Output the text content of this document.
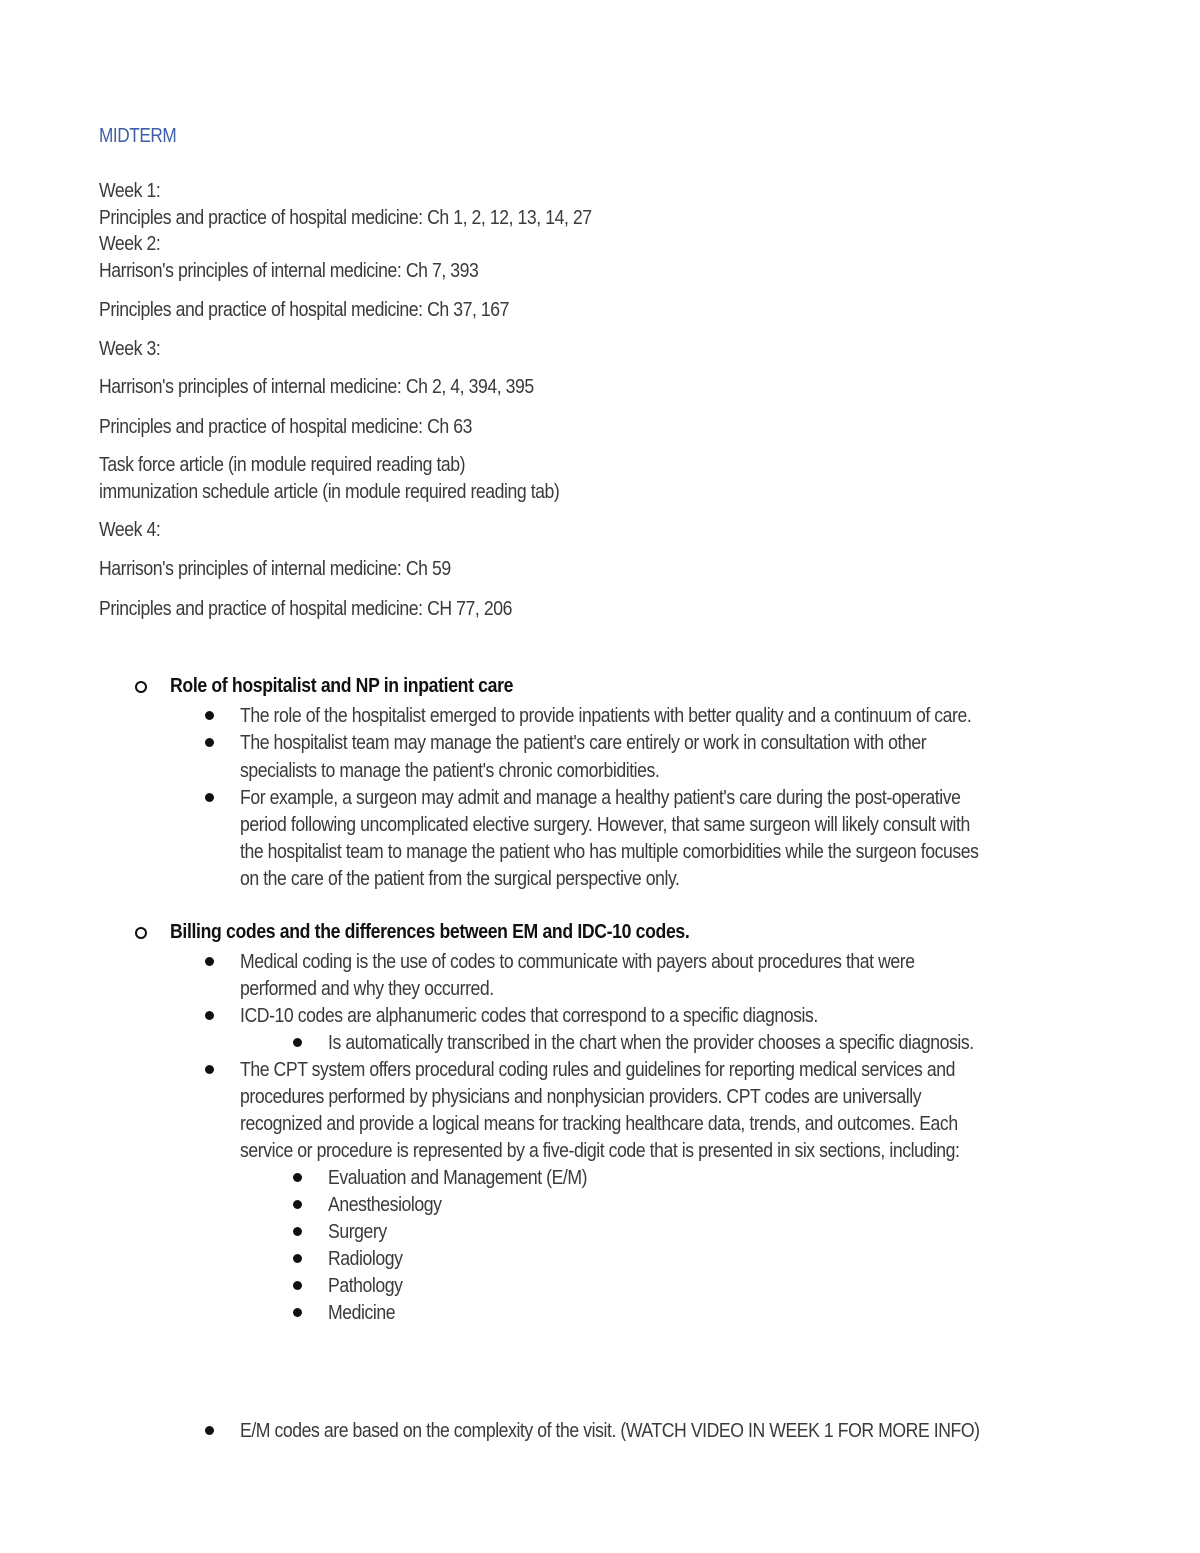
MIDTERM
Week 1:
Principles and practice of hospital medicine: Ch 1, 2, 12, 13, 14, 27
Week 2:
Harrison's principles of internal medicine: Ch 7, 393
Principles and practice of hospital medicine: Ch 37, 167
Week 3:
Harrison's principles of internal medicine: Ch 2, 4, 394, 395
Principles and practice of hospital medicine: Ch 63
Task force article (in module required reading tab)
immunization schedule article (in module required reading tab)
Week 4:
Harrison's principles of internal medicine: Ch 59
Principles and practice of hospital medicine: CH 77, 206
Role of hospitalist and NP in inpatient care
The role of the hospitalist emerged to provide inpatients with better quality and a continuum of care.
The hospitalist team may manage the patient's care entirely or work in consultation with other
specialists to manage the patient's chronic comorbidities.
For example, a surgeon may admit and manage a healthy patient's care during the post-operative
period following uncomplicated elective surgery. However, that same surgeon will likely consult with
the hospitalist team to manage the patient who has multiple comorbidities while the surgeon focuses
on the care of the patient from the surgical perspective only.
Billing codes and the differences between EM and IDC-10 codes.
Medical coding is the use of codes to communicate with payers about procedures that were
performed and why they occurred.
ICD-10 codes are alphanumeric codes that correspond to a specific diagnosis.
Is automatically transcribed in the chart when the provider chooses a specific diagnosis.
The CPT system offers procedural coding rules and guidelines for reporting medical services and
procedures performed by physicians and nonphysician providers. CPT codes are universally
recognized and provide a logical means for tracking healthcare data, trends, and outcomes. Each
service or procedure is represented by a five-digit code that is presented in six sections, including:
Evaluation and Management (E/M)
Anesthesiology
Surgery
Radiology
Pathology
Medicine
E/M codes are based on the complexity of the visit. (WATCH VIDEO IN WEEK 1 FOR MORE INFO)
